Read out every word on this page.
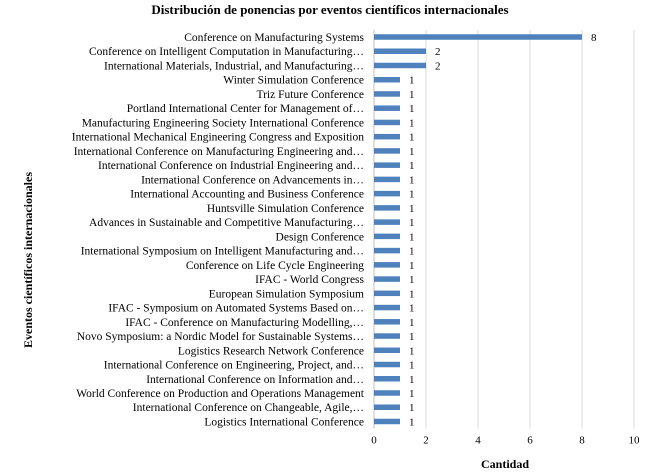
Distribución de ponencias por eventos científicos internacionales
Eventos científicos internacionales
Cantidad
Conference on Manufacturing Systems
Conference on Intelligent Computation in Manufacturing…
International Materials, Industrial, and Manufacturing…
Winter Simulation Conference
Triz Future Conference
Portland International Center for Management of…
Manufacturing Engineering Society International Conference
International Mechanical Engineering Congress and Exposition
International Conference on Manufacturing Engineering and…
International Conference on Industrial Engineering and…
International Conference on Advancements in…
International Accounting and Business Conference
Huntsville Simulation Conference
Advances in Sustainable and Competitive Manufacturing…
Design Conference
International Symposium on Intelligent Manufacturing and…
Conference on Life Cycle Engineering
IFAC - World Congress
European Simulation Symposium
IFAC - Symposium on Automated Systems Based on…
IFAC - Conference on Manufacturing Modelling,…
Novo Symposium: a Nordic Model for Sustainable Systems…
Logistics Research Network Conference
International Conference on Engineering, Project, and…
International Conference on Information and…
World Conference on Production and Operations Management
International Conference on Changeable, Agile,…
Logistics International Conference
8
2
2
1
1
1
1
1
1
1
1
1
1
1
1
1
1
1
1
1
1
1
1
1
1
1
1
1
0	2	4	6	8	10
